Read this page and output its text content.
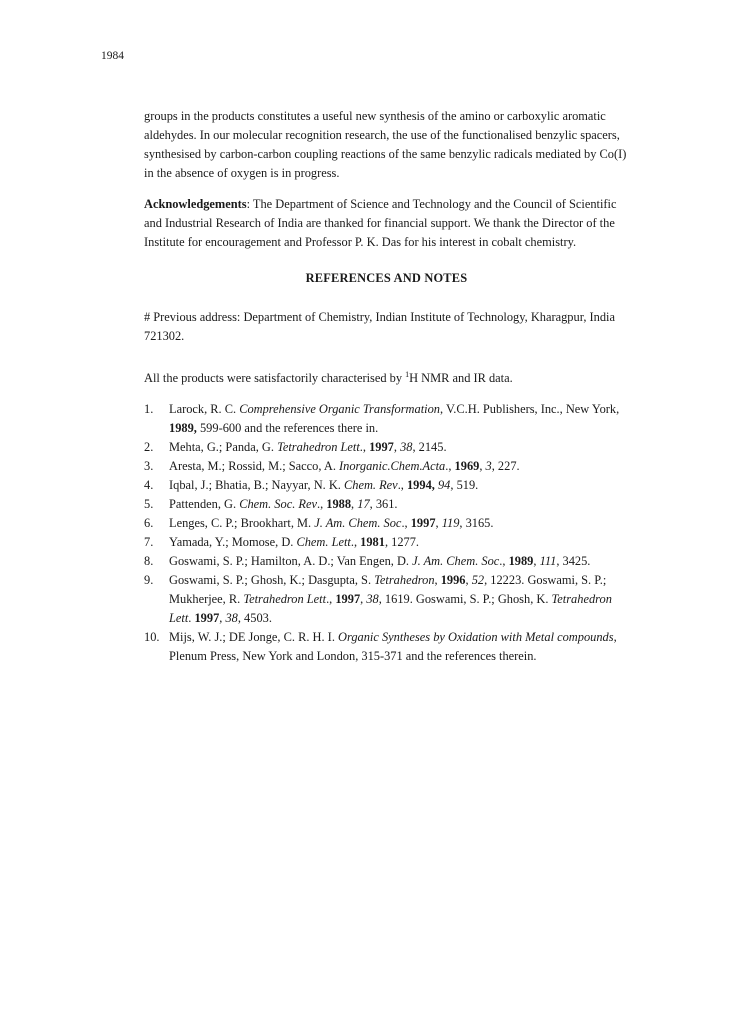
1984

groups in the products constitutes a useful new synthesis of the amino or carboxylic aromatic aldehydes. In our molecular recognition research, the use of the functionalised benzylic spacers, synthesised by carbon-carbon coupling reactions of the same benzylic radicals mediated by Co(I) in the absence of oxygen is in progress.

Acknowledgements: The Department of Science and Technology and the Council of Scientific and Industrial Research of India are thanked for financial support. We thank the Director of the Institute for encouragement and Professor P. K. Das for his interest in cobalt chemistry.

REFERENCES AND NOTES

# Previous address: Department of Chemistry, Indian Institute of Technology, Kharagpur, India 721302.

All the products were satisfactorily characterised by $^1$H NMR and IR data.

1. Larock, R. C. Comprehensive Organic Transformation, V.C.H. Publishers, Inc., New York, 1989, 599-600 and the references there in.
2. Mehta, G.; Panda, G. Tetrahedron Lett., 1997, 38, 2145.
3. Aresta, M.; Rossid, M.; Sacco, A. Inorganic.Chem.Acta., 1969, 3, 227.
4. Iqbal, J.; Bhatia, B.; Nayyar, N. K. Chem. Rev., 1994, 94, 519.
5. Pattenden, G. Chem. Soc. Rev., 1988, 17, 361.
6. Lenges, C. P.; Brookhart, M. J. Am. Chem. Soc., 1997, 119, 3165.
7. Yamada, Y.; Momose, D. Chem. Lett., 1981, 1277.
8. Goswami, S. P.; Hamilton, A. D.; Van Engen, D. J. Am. Chem. Soc., 1989, 111, 3425.
9. Goswami, S. P.; Ghosh, K.; Dasgupta, S. Tetrahedron, 1996, 52, 12223. Goswami, S. P.; Mukherjee, R. Tetrahedron Lett., 1997, 38, 1619. Goswami, S. P.; Ghosh, K. Tetrahedron Lett. 1997, 38, 4503.
10. Mijs, W. J.; DE Jonge, C. R. H. I. Organic Syntheses by Oxidation with Metal compounds, Plenum Press, New York and London, 315-371 and the references therein.
